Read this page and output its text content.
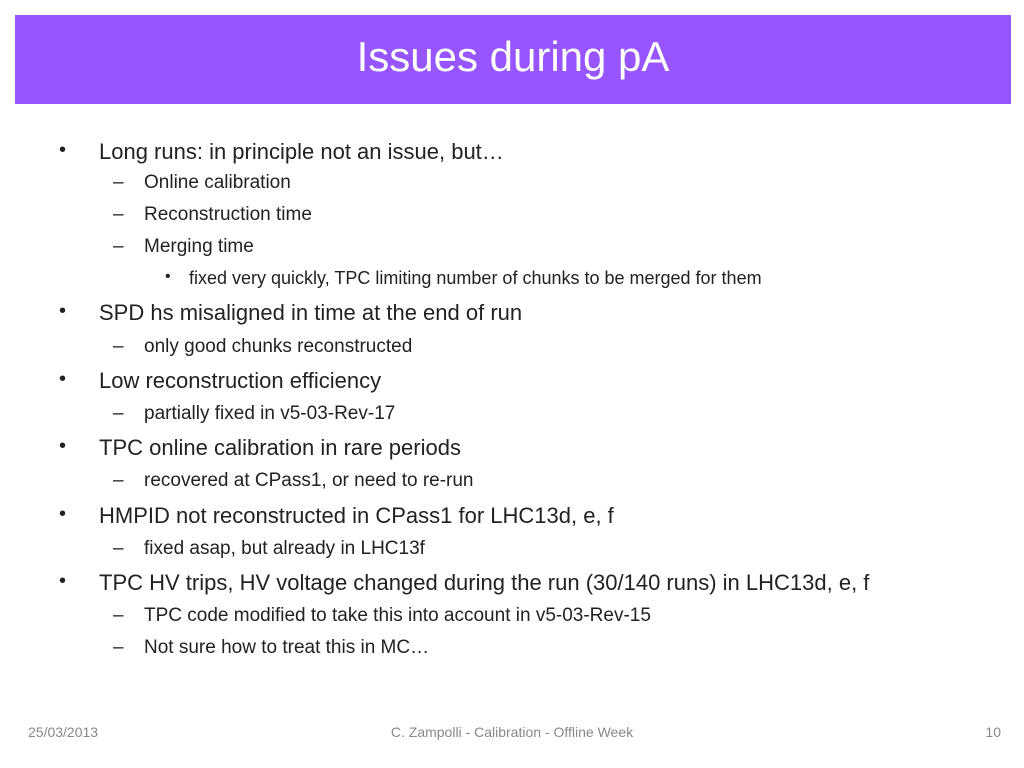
Issues during pA
• Long runs: in principle not an issue, but…
– Online calibration
– Reconstruction time
– Merging time
• fixed very quickly, TPC limiting number of chunks to be merged for them
• SPD hs misaligned in time at the end of run
– only good chunks reconstructed
• Low reconstruction efficiency
– partially fixed in v5-03-Rev-17
• TPC online calibration in rare periods
– recovered at CPass1, or need to re-run
• HMPID not reconstructed in CPass1 for LHC13d, e, f
– fixed asap, but already in LHC13f
• TPC HV trips, HV voltage changed during the run (30/140 runs) in LHC13d, e, f
– TPC code modified to take this into account in v5-03-Rev-15
– Not sure how to treat this in MC…
25/03/2013	C. Zampolli - Calibration - Offline Week	10
